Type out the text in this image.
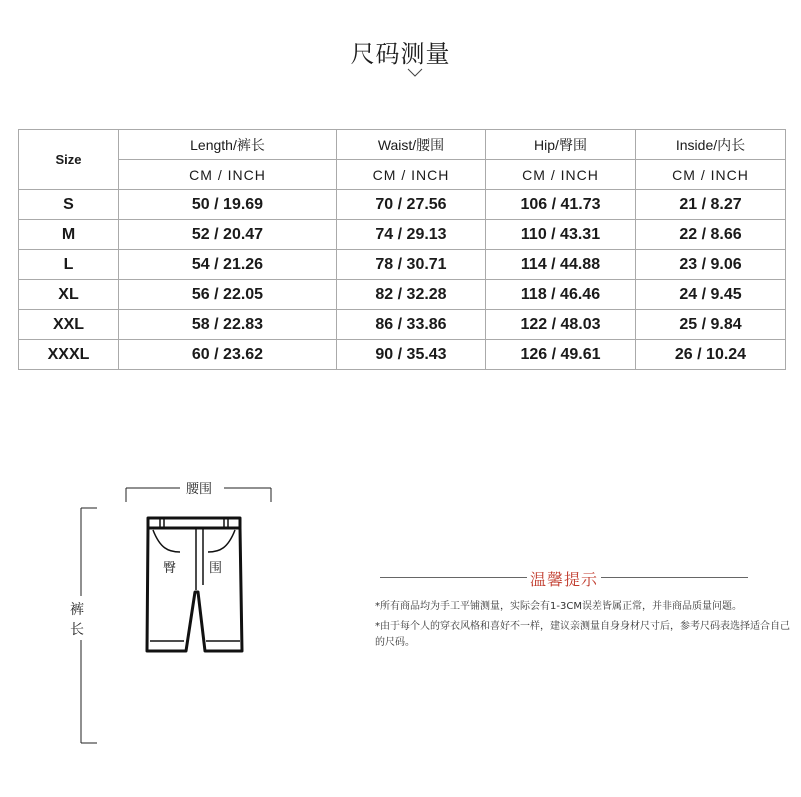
尺码测量
Size	Length/裤长	Waist/腰围	Hip/臀围	Inside/内长
	CM / INCH	CM / INCH	CM / INCH	CM / INCH
S	50 / 19.69	70 / 27.56	106 / 41.73	21 / 8.27
M	52 / 20.47	74 / 29.13	110 / 43.31	22 / 8.66
L	54 / 21.26	78 / 30.71	114 / 44.88	23 / 9.06
XL	56 / 22.05	82 / 32.28	118 / 46.46	24 / 9.45
XXL	58 / 22.83	86 / 33.86	122 / 48.03	25 / 9.84
XXXL	60 / 23.62	90 / 35.43	126 / 49.61	26 / 10.24
腰围
裤
长
臀	围
温馨提示

*所有商品均为手工平铺测量，实际会有1-3CM误差皆属正常，并非商品质量问题。

*由于每个人的穿衣风格和喜好不一样，建议亲测量自身身材尺寸后，参考尺码表选择适合自己的尺码。
